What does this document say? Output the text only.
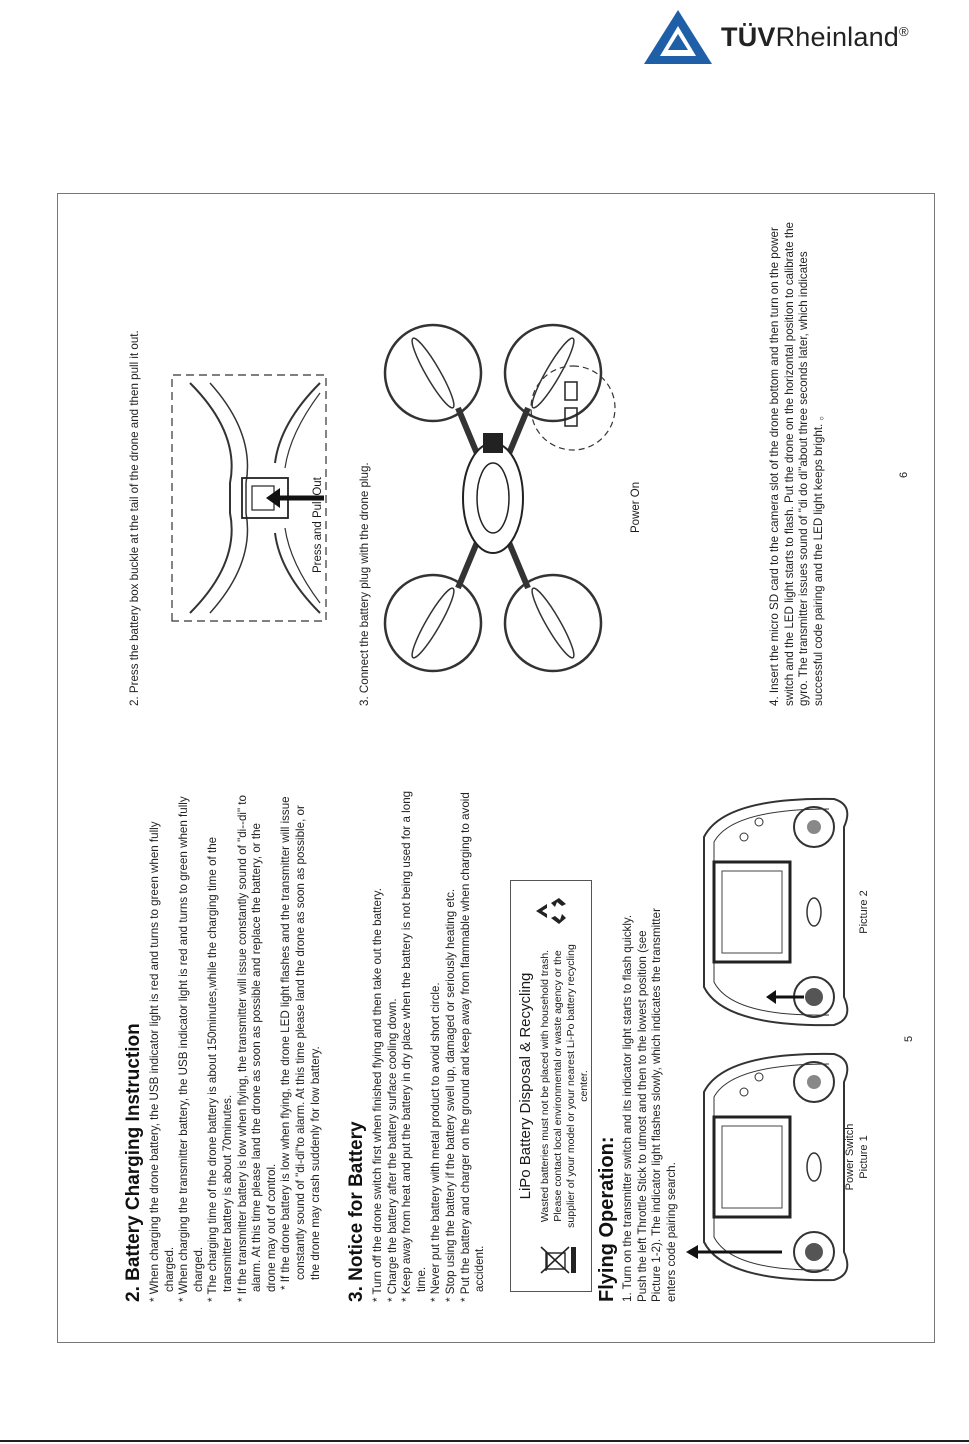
TÜVRheinland®
2. Battery Charging Instruction * When charging the drone battery, the USB indicator light is red and turns to green when fully charged. * When charging the transmitter battery, the USB indicator light is red and turns to green when fully charged. * The charging time of the drone battery is about 150minutes,while the charging time of the transmitter battery is about 70minutes. * If the transmitter battery is low when flying, the transmitter will issue constantly sound of "di--di" to alarm. At this time please land the drone as soon as possible and replace the battery, or the drone may out of control. * If the drone battery is low when flying, the drone LED light flashes and the transmitter will issue constantly sound of "di-di"to alarm. At this time please land the drone as soon as possible, or the drone may crash suddenly for low battery. 3. Notice for Battery * Turn off the drone switch first when finished flying and then take out the battery. * Charge the battery after the battery surface cooling down. * Keep away from heat and put the battery in dry place when the battery is not being used for a long time. * Never put the battery with metal product to avoid short circle. * Stop using the battery if the battery swell up, damaged or seriously heating etc. * Put the battery and charger on the ground and keep away from flammable when charging to avoid accident.
LiPo Battery Disposal & Recycling Wasted batteries must not be placed with household trash. Please contact local environmental or waste agency or the supplier of your model or your nearest Li-Po battery recycling center.
Flying Operation: 1. Turn on the transmitter switch and its indicator light starts to flash quickly. Push the left Throttle Stick to utmost and then to the lowest position (see Picture 1-2). The indicator light flashes slowly, which indicates the transmitter enters code pairing search.

Power Switch Picture 1
Picture 2
5

2. Press the battery box buckle at the tail of the drone and then pull it out.	Press and Pull Out	3. Connect the battery plug with the drone plug.	Power On	4. Insert the micro SD card to the camera slot of the drone bottom and then turn on the power switch and the LED light starts to flash. Put the drone on the horizontal position to calibrate the gyro. The transmitter issues sound of "di do di"about three seconds later, which indicates successful code pairing and the LED light keeps bright. 。	6
